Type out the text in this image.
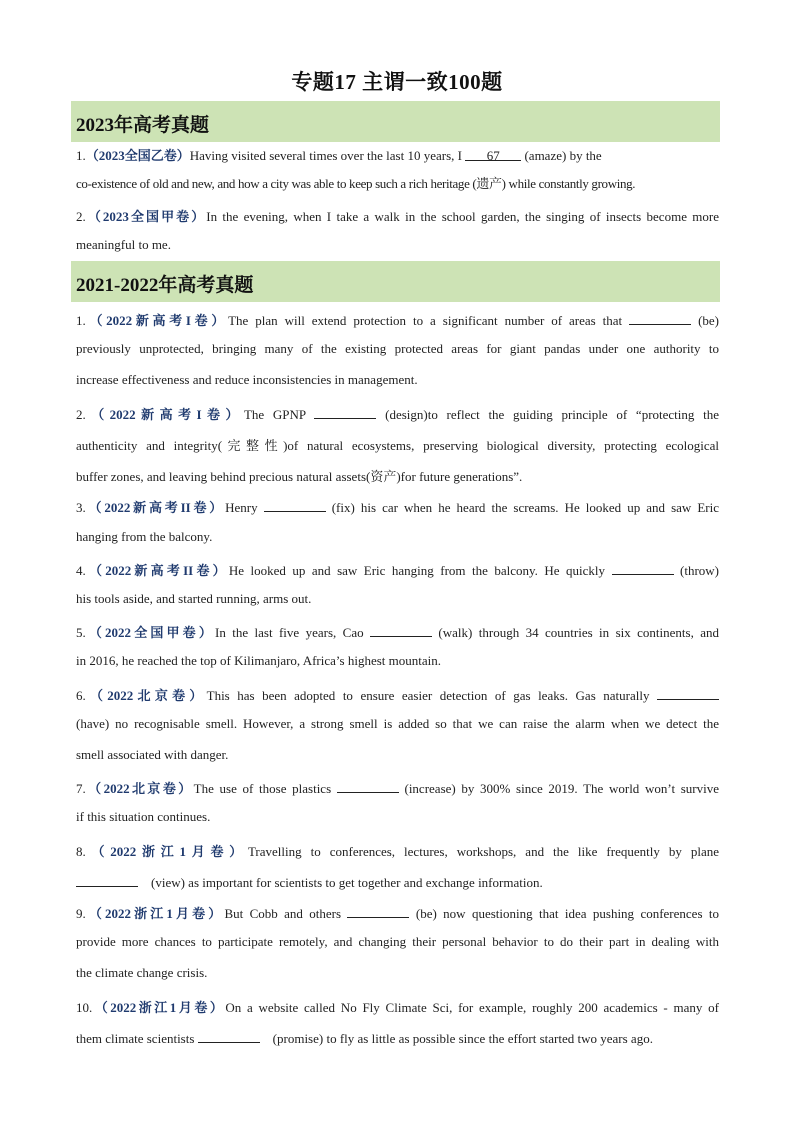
专题17 主谓一致100题
2023年高考真题
1.（2023全国乙卷）Having visited several times over the last 10 years, I 67 (amaze) by the
co-existence of old and new, and how a city was able to keep such a rich heritage (遗产) while constantly growing.
2.（2023全国甲卷）In the evening, when I take a walk in the school garden, the singing of insects become more
meaningful to me.
2021-2022年高考真题
1.（2022新高考I卷）The plan will extend protection to a significant number of areas that	(be)
previously unprotected, bringing many of the existing protected areas for giant pandas under one authority to
increase effectiveness and reduce inconsistencies in management.
2.（2022新高考I卷）The GPNP	(design)to reflect the guiding principle of “protecting the
authenticity and integrity(完整性)of natural ecosystems, preserving biological diversity, protecting ecological
buffer zones, and leaving behind precious natural assets(资产)for future generations”.
3.（2022新高考II卷）Henry	(fix) his car when he heard the screams. He looked up and saw Eric
hanging from the balcony.
4.（2022新高考II卷）He looked up and saw Eric hanging from the balcony. He quickly	(throw)
his tools aside, and started running, arms out.
5.（2022全国甲卷）In the last five years, Cao	(walk) through 34 countries in six continents, and
in 2016, he reached the top of Kilimanjaro, Africa’s highest mountain.
6.（2022北京卷）This has been adopted to ensure easier detection of gas leaks. Gas naturally
(have) no recognisable smell. However, a strong smell is added so that we can raise the alarm when we detect the
smell associated with danger.
7.（2022北京卷）The use of those plastics	(increase) by 300% since 2019. The world won’t survive
if this situation continues.
8.（2022浙江1月卷）Travelling to conferences, lectures, workshops, and the like frequently by plane
(view) as important for scientists to get together and exchange information.
9.（2022浙江1月卷）But Cobb and others	(be) now questioning that idea pushing conferences to
provide more chances to participate remotely, and changing their personal behavior to do their part in dealing with
the climate change crisis.
10.（2022浙江1月卷）On a website called No Fly Climate Sci, for example, roughly 200 academics - many of
them climate scientists	(promise) to fly as little as possible since the effort started two years ago.
